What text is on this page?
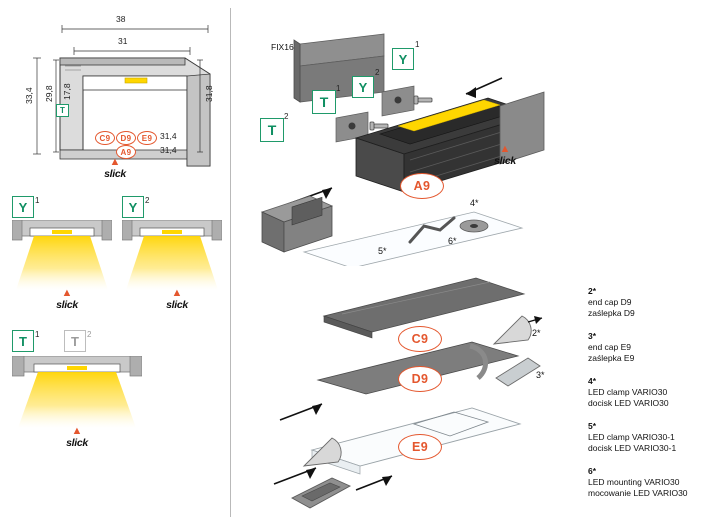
38
31
33,4 29,8
T
17,8	31,8
C9	D9	E9
A9
31,4
31,4
▲
slick
Y 1
▲
slick
Y 2
▲
slick
T	1	T	2
▲
slick
FIX16
Y
1
Y
2
T
1
T
2
A9
▲
slick
4*
5*
6*
C9	2*
D9	3*
E9
2*
end cap D9
zaślepka D9
3*
end cap E9
zaślepka E9
4*
LED clamp VARIO30
docisk LED VARIO30
5*
LED clamp VARIO30-1
docisk LED VARIO30-1
6*
LED mounting VARIO30
mocowanie LED VARIO30
